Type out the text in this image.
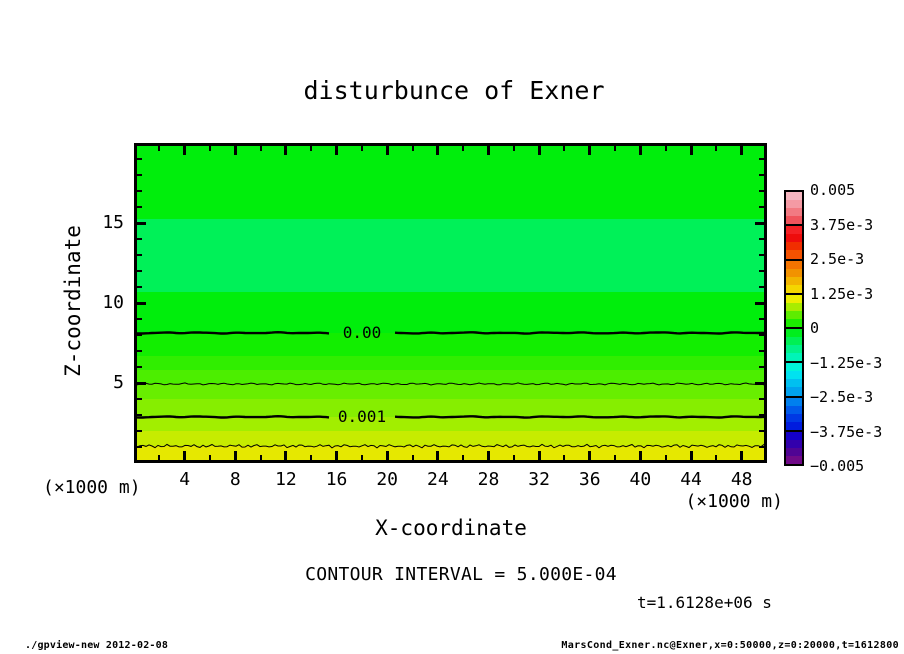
disturbunce of Exner
0.00
0.001
Z-coordinate
(×1000 m)
X-coordinate
(×1000 m)
CONTOUR INTERVAL = 5.000E-04
t=1.6128e+06 s
4	8	12	16	20	24	28	32	36	40	44	48
5
10
15
0.005
3.75e-3
2.5e-3
1.25e-3
0
−1.25e-3
−2.5e-3
−3.75e-3
−0.005
./gpview-new 2012-02-08	MarsCond_Exner.nc@Exner,x=0:50000,z=0:20000,t=1612800
